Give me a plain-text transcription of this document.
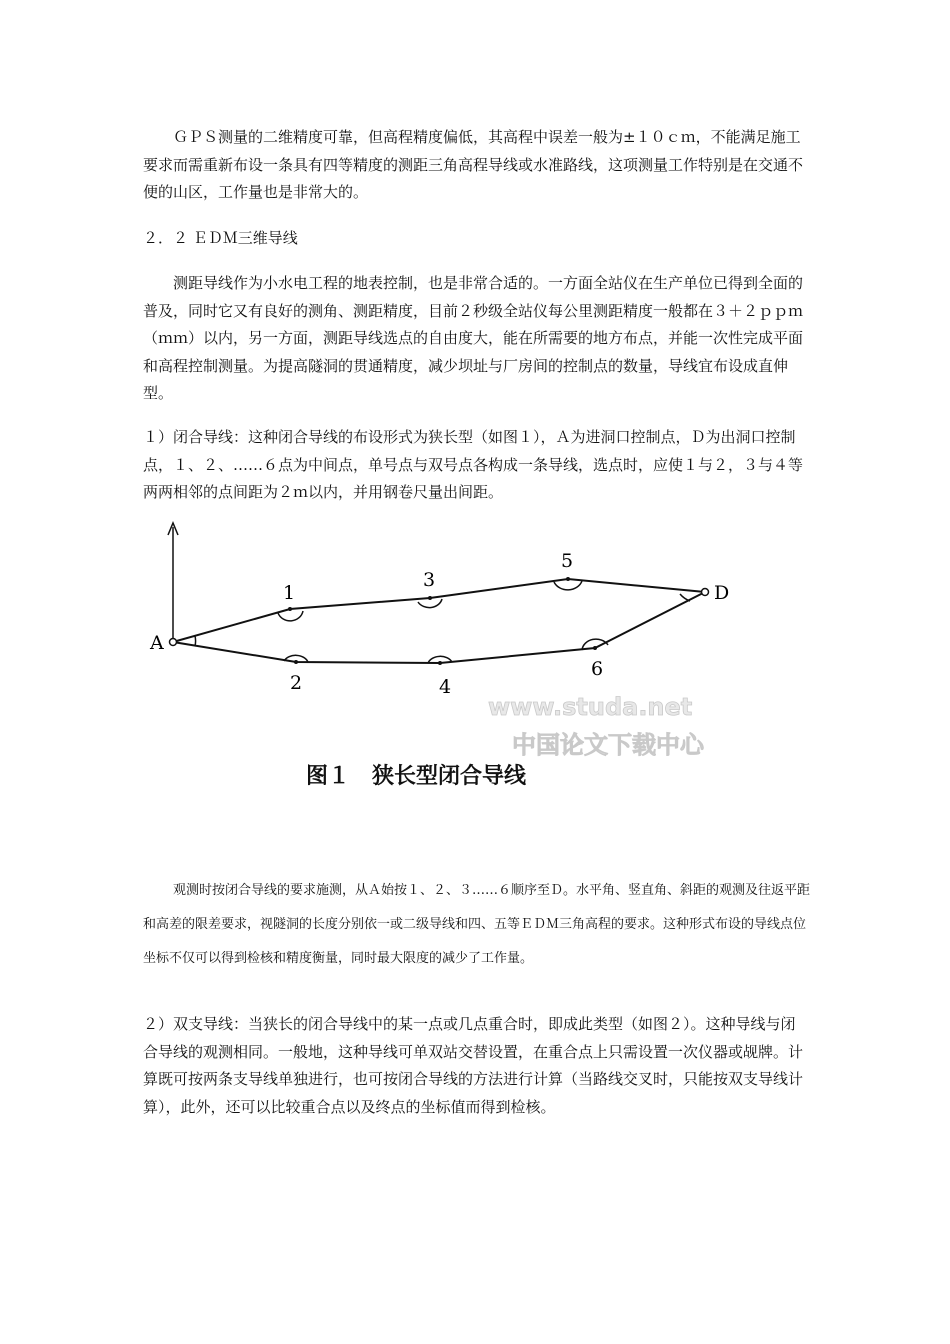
ＧＰＳ测量的二维精度可靠，但高程精度偏低，其高程中误差一般为±１０ｃｍ，不能满足施工要求而需重新布设一条具有四等精度的测距三角高程导线或水准路线，这项测量工作特别是在交通不便的山区，工作量也是非常大的。

２．２ ＥＤＭ三维导线

测距导线作为小水电工程的地表控制，也是非常合适的。一方面全站仪在生产单位已得到全面的普及，同时它又有良好的测角、测距精度，目前２秒级全站仪每公里测距精度一般都在３＋２ｐｐｍ（ｍｍ）以内，另一方面，测距导线选点的自由度大，能在所需要的地方布点，并能一次性完成平面和高程控制测量。为提高隧洞的贯通精度，减少坝址与厂房间的控制点的数量，导线宜布设成直伸型。

１）闭合导线：这种闭合导线的布设形式为狭长型（如图１），Ａ为进洞口控制点，Ｄ为出洞口控制点，１、２、……６点为中间点，单号点与双号点各构成一条导线，选点时，应使１与２，３与４等两两相邻的点间距为２ｍ以内，并用钢卷尺量出间距。

A
D
1
3
5
2	4
6
www.studa.net
中国论文下载中心
图１　狭长型闭合导线

观测时按闭合导线的要求施测，从Ａ始按１、２、３……６顺序至Ｄ。水平角、竖直角、斜距的观测及往返平距和高差的限差要求，视隧洞的长度分别依一或二级导线和四、五等ＥＤＭ三角高程的要求。这种形式布设的导线点位坐标不仅可以得到检核和精度衡量，同时最大限度的减少了工作量。

２）双支导线：当狭长的闭合导线中的某一点或几点重合时，即成此类型（如图２）。这种导线与闭合导线的观测相同。一般地，这种导线可单双站交替设置，在重合点上只需设置一次仪器或觇牌。计算既可按两条支导线单独进行，也可按闭合导线的方法进行计算（当路线交叉时，只能按双支导线计算），此外，还可以比较重合点以及终点的坐标值而得到检核。
